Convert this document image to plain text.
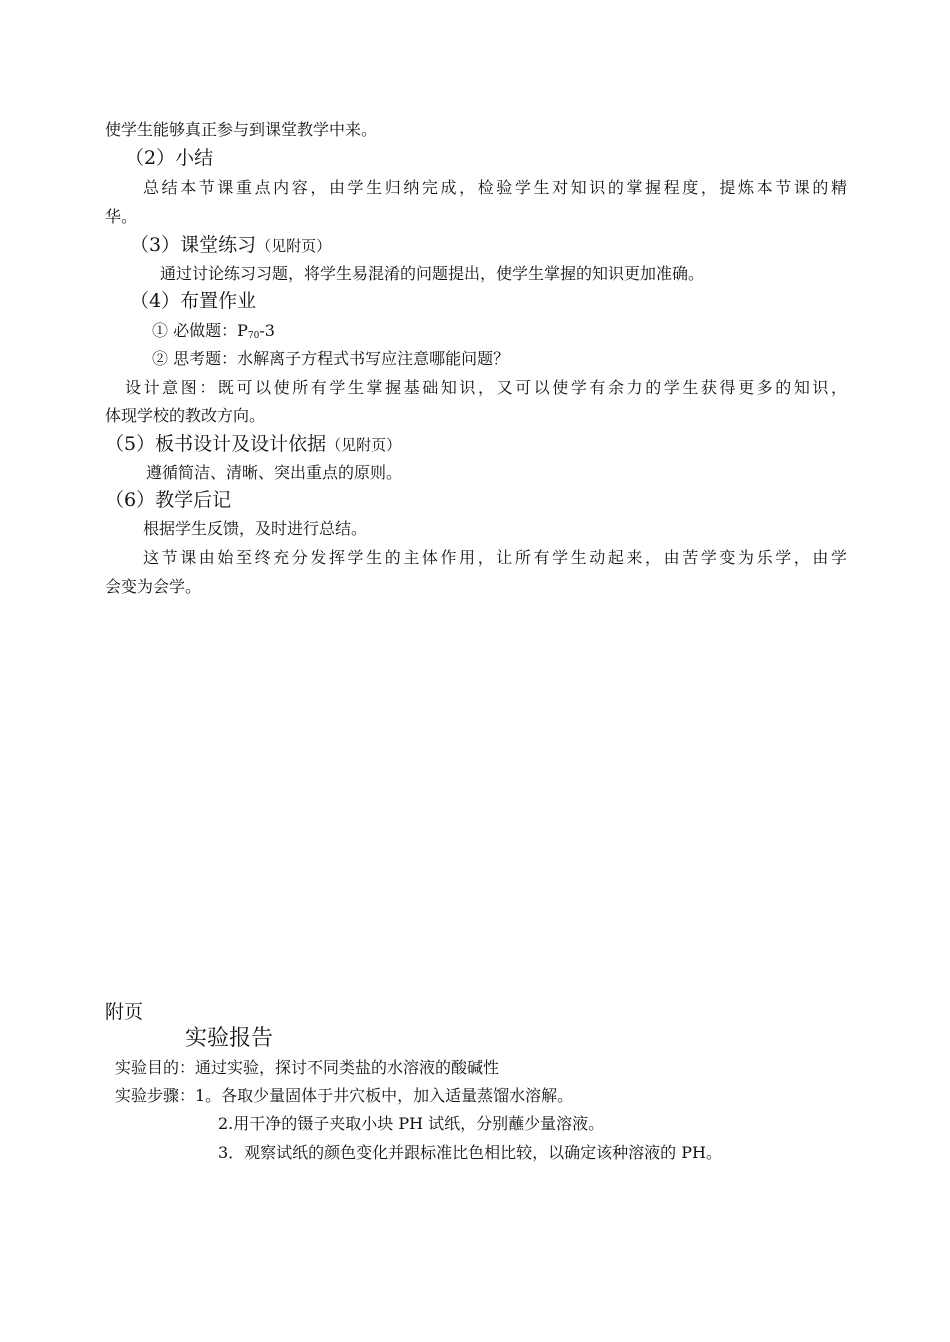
使学生能够真正参与到课堂教学中来。
（2）小结
总结本节课重点内容，由学生归纳完成，检验学生对知识的掌握程度，提炼本节课的精
华。
（3）课堂练习（见附页）
通过讨论练习习题，将学生易混淆的问题提出，使学生掌握的知识更加准确。
（4）布置作业
① 必做题：$P_{70}-3$
② 思考题：水解离子方程式书写应注意哪能问题？
设计意图：既可以使所有学生掌握基础知识，又可以使学有余力的学生获得更多的知识，
体现学校的教改方向。
（5）板书设计及设计依据（见附页）
遵循简洁、清晰、突出重点的原则。
（6）教学后记
根据学生反馈，及时进行总结。
这节课由始至终充分发挥学生的主体作用，让所有学生动起来，由苦学变为乐学，由学
会变为会学。
附页
实验报告
实验目的：通过实验，探讨不同类盐的水溶液的酸碱性
实验步骤：1。各取少量固体于井穴板中，加入适量蒸馏水溶解。
2.用干净的镊子夹取小块 PH 试纸，分别蘸少量溶液。
3．观察试纸的颜色变化并跟标准比色相比较，以确定该种溶液的 PH。
